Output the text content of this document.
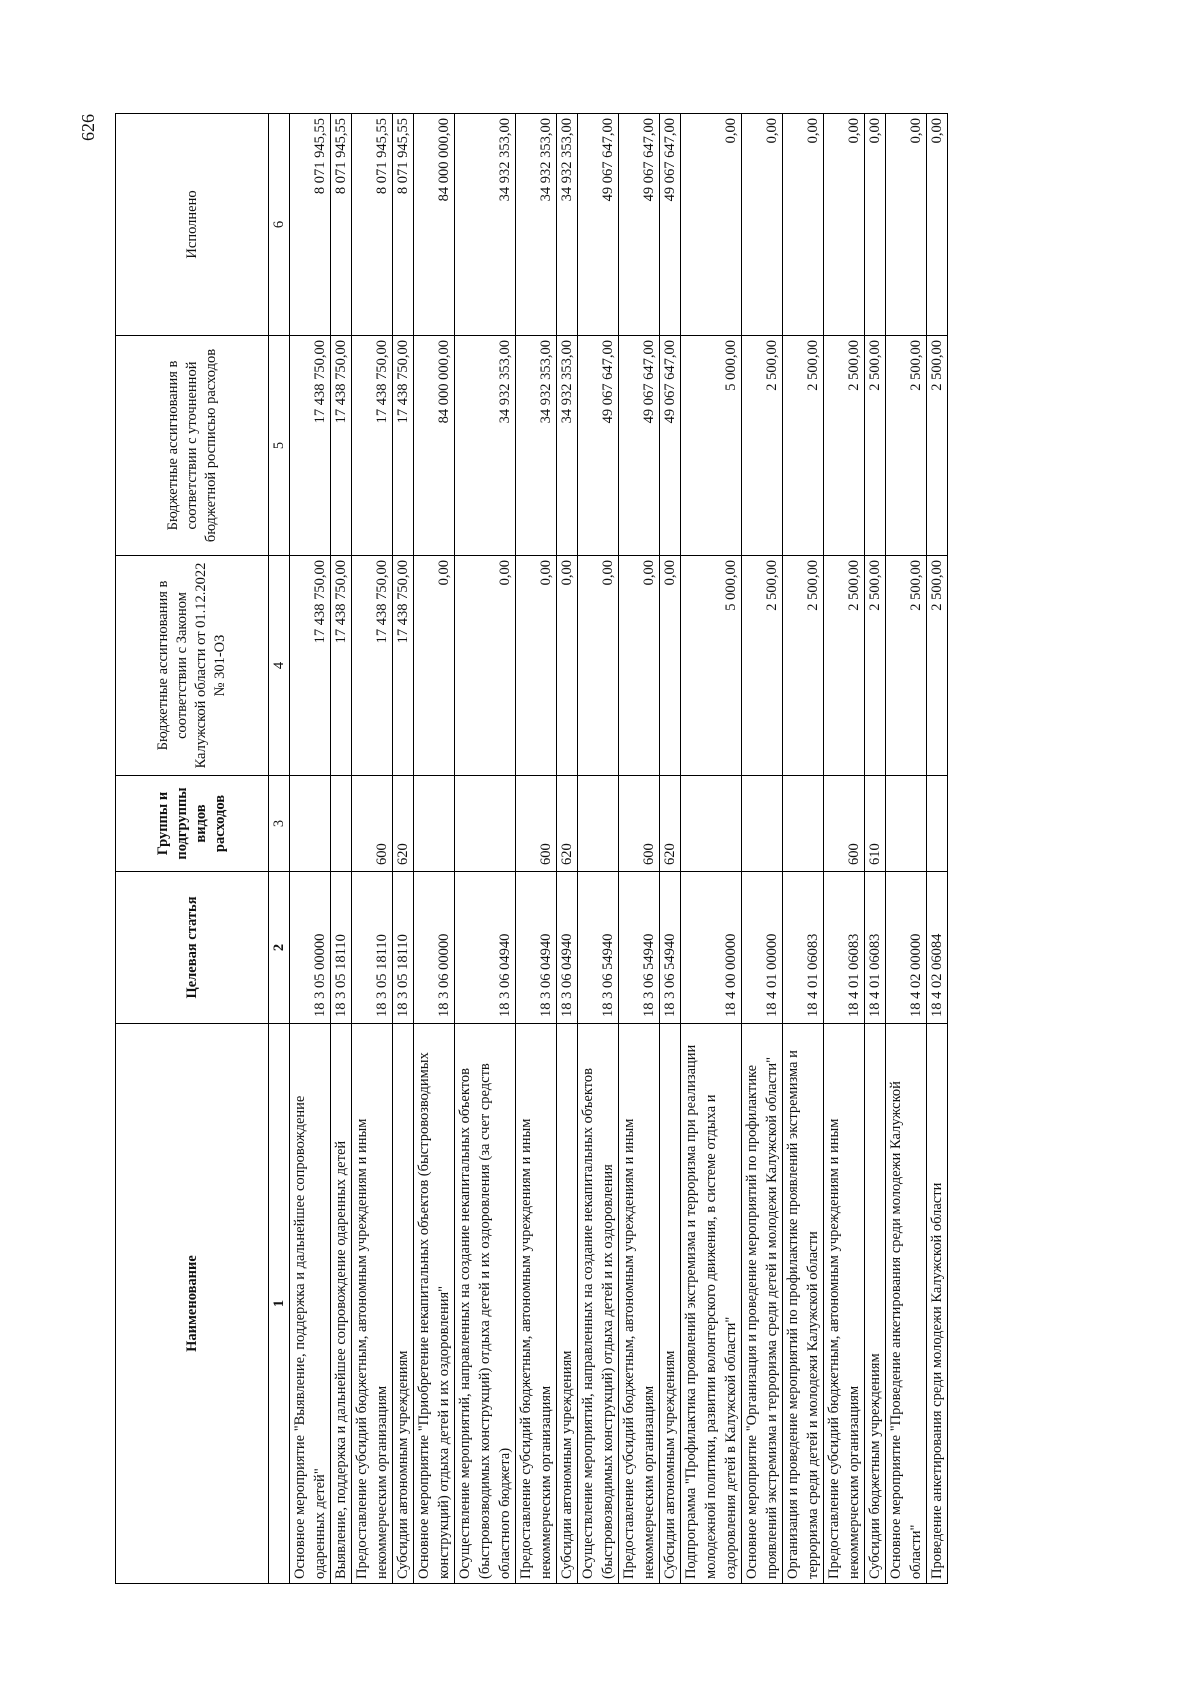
626
Наименование	Целевая статья	Группы и подгруппы видов расходов	Бюджетные ассигнования в соответствии с Законом Калужской области от 01.12.2022 № 301-ОЗ	Бюджетные ассигнования в соответствии с уточненной бюджетной росписью расходов	Исполнено
1	2	3	4	5	6
Основное мероприятие "Выявление, поддержка и дальнейшее сопровождение одаренных детей"	18 3 05 00000		17 438 750,00	17 438 750,00	8 071 945,55
Выявление, поддержка и дальнейшее сопровождение одаренных детей	18 3 05 18110		17 438 750,00	17 438 750,00	8 071 945,55
Предоставление субсидий бюджетным, автономным учреждениям и иным некоммерческим организациям	18 3 05 18110	600	17 438 750,00	17 438 750,00	8 071 945,55
Субсидии автономным учреждениям	18 3 05 18110	620	17 438 750,00	17 438 750,00	8 071 945,55
Основное мероприятие "Приобретение некапитальных объектов (быстровозводимых конструкций) отдыха детей и их оздоровления"	18 3 06 00000		0,00	84 000 000,00	84 000 000,00
Осуществление мероприятий, направленных на создание некапитальных объектов (быстровозводимых конструкций) отдыха детей и их оздоровления (за счет средств областного бюджета)	18 3 06 04940		0,00	34 932 353,00	34 932 353,00
Предоставление субсидий бюджетным, автономным учреждениям и иным некоммерческим организациям	18 3 06 04940	600	0,00	34 932 353,00	34 932 353,00
Субсидии автономным учреждениям	18 3 06 04940	620	0,00	34 932 353,00	34 932 353,00
Осуществление мероприятий, направленных на создание некапитальных объектов (быстровозводимых конструкций) отдыха детей и их оздоровления	18 3 06 54940		0,00	49 067 647,00	49 067 647,00
Предоставление субсидий бюджетным, автономным учреждениям и иным некоммерческим организациям	18 3 06 54940	600	0,00	49 067 647,00	49 067 647,00
Субсидии автономным учреждениям	18 3 06 54940	620	0,00	49 067 647,00	49 067 647,00
Подпрограмма "Профилактика проявлений экстремизма и терроризма при реализации молодежной политики, развитии волонтерского движения, в системе отдыха и оздоровления детей в Калужской области"	18 4 00 00000		5 000,00	5 000,00	0,00
Основное мероприятие "Организация и проведение мероприятий по профилактике проявлений экстремизма и терроризма среди детей и молодежи Калужской области"	18 4 01 00000		2 500,00	2 500,00	0,00
Организация и проведение мероприятий по профилактике проявлений экстремизма и терроризма среди детей и молодежи Калужской области	18 4 01 06083		2 500,00	2 500,00	0,00
Предоставление субсидий бюджетным, автономным учреждениям и иным некоммерческим организациям	18 4 01 06083	600	2 500,00	2 500,00	0,00
Субсидии бюджетным учреждениям	18 4 01 06083	610	2 500,00	2 500,00	0,00
Основное мероприятие "Проведение анкетирования среди молодежи Калужской области"	18 4 02 00000		2 500,00	2 500,00	0,00
Проведение анкетирования среди молодежи Калужской области	18 4 02 06084		2 500,00	2 500,00	0,00
